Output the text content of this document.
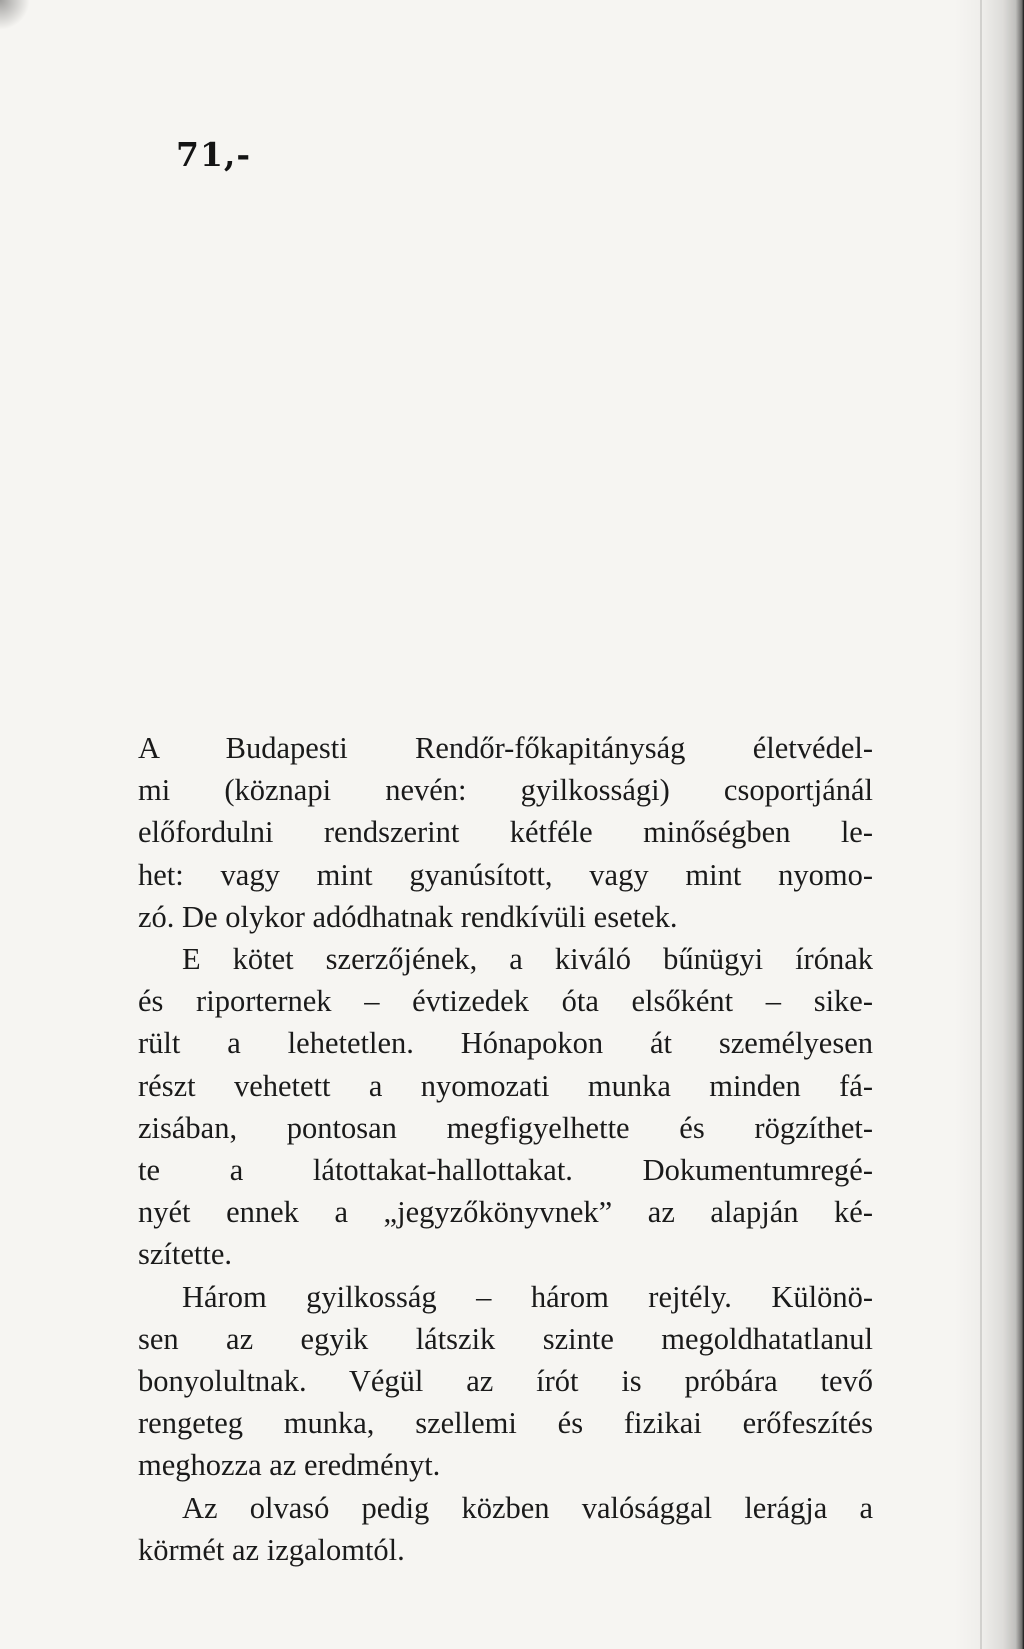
71,-

A Budapesti Rendőr-főkapitányság életvédel-
mi (köznapi nevén: gyilkossági) csoportjánál
előfordulni rendszerint kétféle minőségben le-
het: vagy mint gyanúsított, vagy mint nyomo-
zó. De olykor adódhatnak rendkívüli esetek.
E kötet szerzőjének, a kiváló bűnügyi írónak
és riporternek – évtizedek óta elsőként – sike-
rült a lehetetlen. Hónapokon át személyesen
részt vehetett a nyomozati munka minden fá-
zisában, pontosan megfigyelhette és rögzíthet-
te a látottakat-hallottakat. Dokumentumregé-
nyét ennek a „jegyzőkönyvnek” az alapján ké-
szítette.
Három gyilkosság – három rejtély. Különö-
sen az egyik látszik szinte megoldhatatlanul
bonyolultnak. Végül az írót is próbára tevő
rengeteg munka, szellemi és fizikai erőfeszítés
meghozza az eredményt.
Az olvasó pedig közben valósággal lerágja a
körmét az izgalomtól.
